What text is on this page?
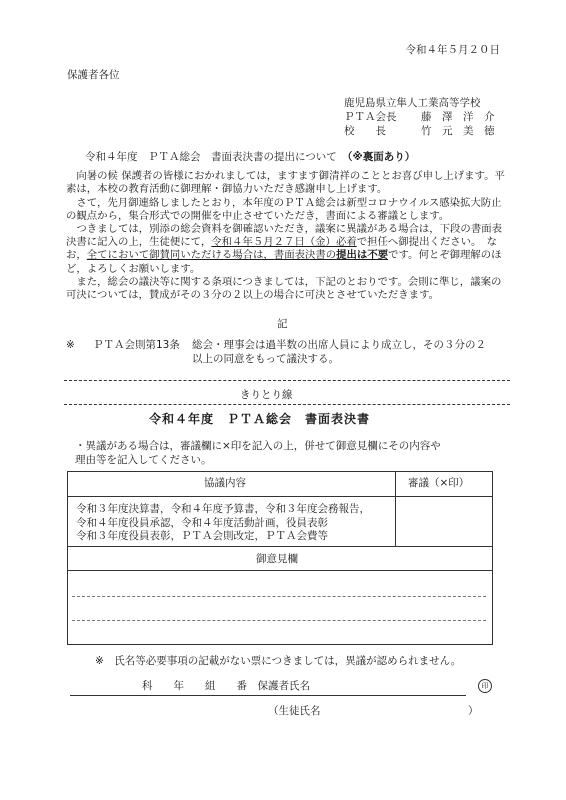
令和４年５月２０日
保護者各位
鹿児島県立隼人工業高等学校
ＰＴＡ会長 藤　澤　洋　介
校　　長	竹　元　美　徳
令和４年度　ＰＴＡ総会　書面表決書の提出について　 （※裏面あり）
　向暑の候 保護者の皆様におかれましては，ますます御清祥のこととお喜び申し上げます。平素は，本校の教育活動に御理解・御協力いただき感謝申し上げます。
　さて，先月御連絡しましたとおり，本年度のＰＴＡ総会は新型コロナウイルス感染拡大防止の観点から，集合形式での開催を中止させていただき，書面による審議とします。
　つきましては，別添の総会資料を御確認いただき，議案に異議がある場合は，下段の書面表決書に記入の上，生徒便にて，令和４年５月２７日（金）必着で担任へ御提出ください。　なお，全てにおいて御賛同いただける場合は，書面表決書の提出は不要です。何とぞ御理解のほど，よろしくお願いします。
　また，総会の議決等に関する条項につきましては，下記のとおりです。会則に準じ，議案の可決については，賛成がその３分の２以上の場合に可決とさせていただきます。
記
※ ＰＴＡ会則第13条 総会・理事会は過半数の出席人員により成立し，その３分の２
以上の同意をもって議決する。
きりとり線
令和４年度　ＰＴＡ総会　書面表決書
・異議がある場合は，審議欄に×印を記入の上，併せて御意見欄にその内容や
理由等を記入してください。
協議内容	審議（×印）
令和３年度決算書，令和４年度予算書，令和３年度会務報告，
令和４年度役員承認，令和４年度活動計画，役員表彰
令和３年度役員表彰，ＰＴＡ会則改定，ＰＴＡ会費等
御意見欄
※　氏名等必要事項の記載がない票につきましては，異議が認められません。
科　　年　　組　　番　保護者氏名	印
（生徒氏名	）
